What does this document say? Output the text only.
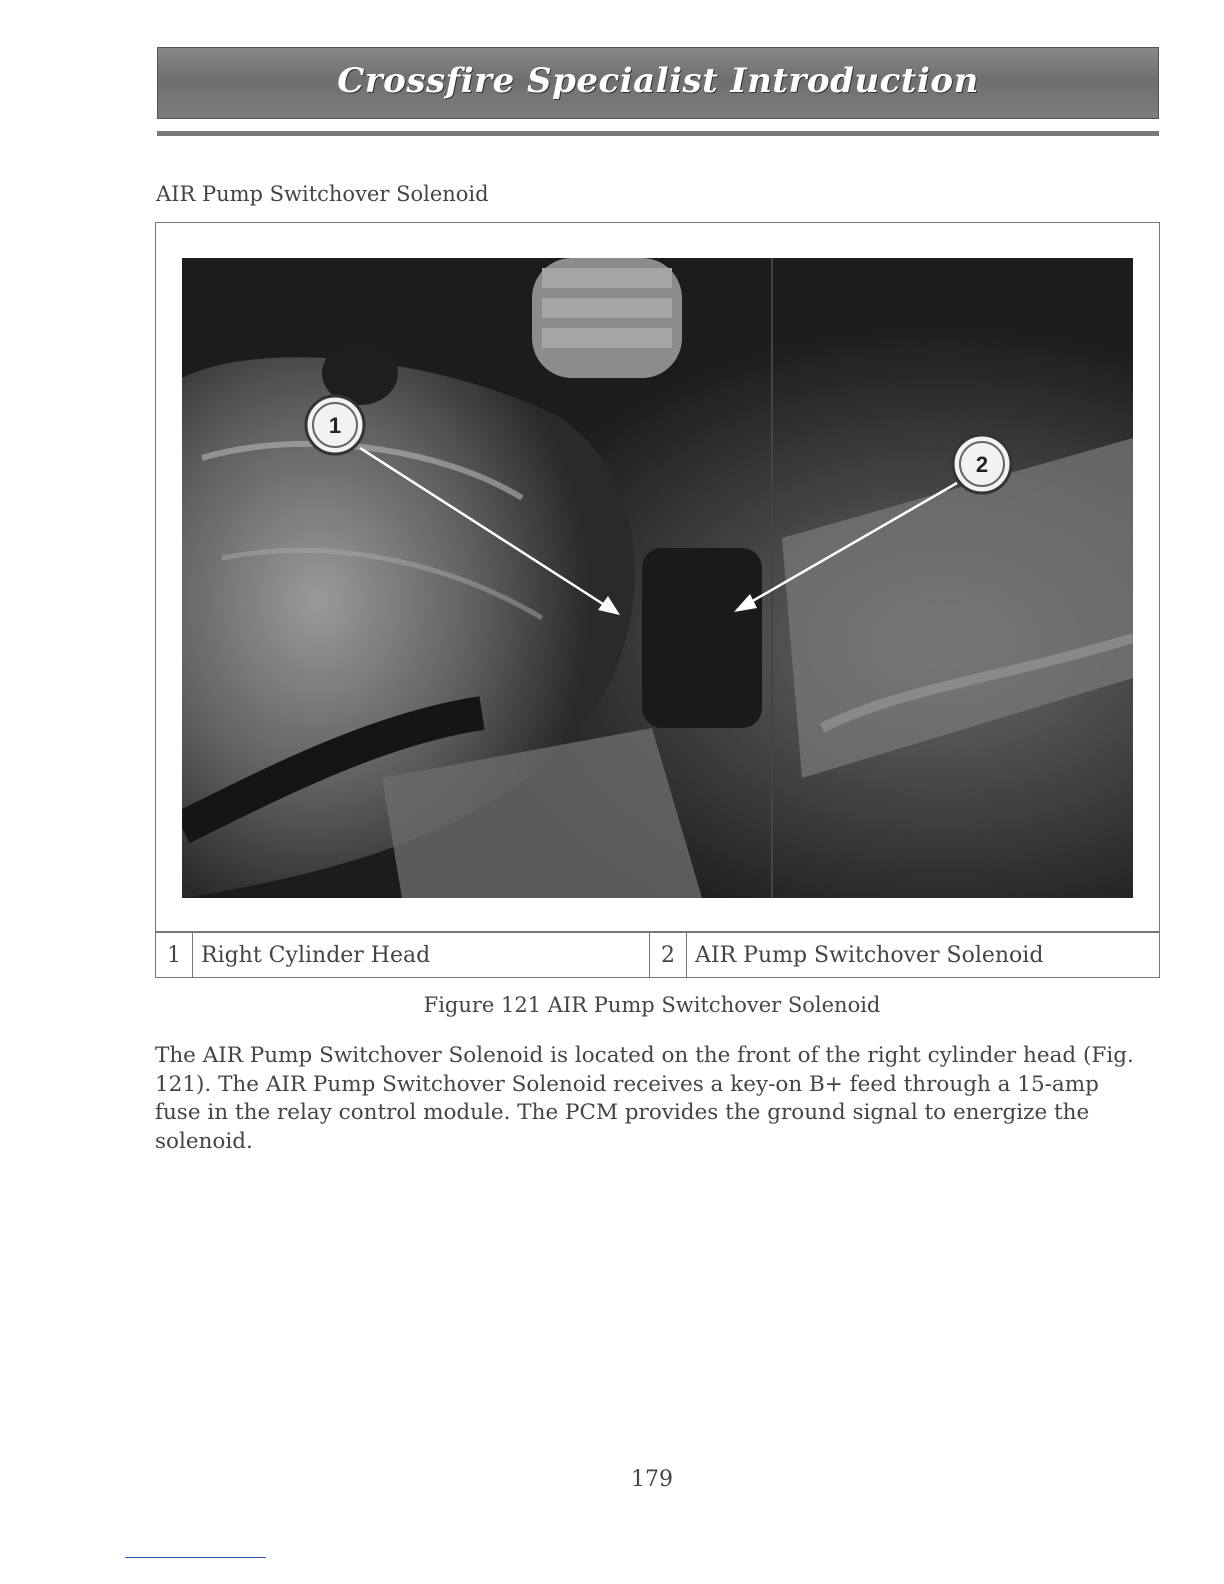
Crossfire Specialist Introduction
AIR Pump Switchover Solenoid
1
2
1	Right Cylinder Head	2	AIR Pump Switchover Solenoid
Figure 121 AIR Pump Switchover Solenoid

The AIR Pump Switchover Solenoid is located on the front of the right cylinder head (Fig. 121). The AIR Pump Switchover Solenoid receives a key-on B+ feed through a 15-amp fuse in the relay control module. The PCM provides the ground signal to energize the solenoid.

179
